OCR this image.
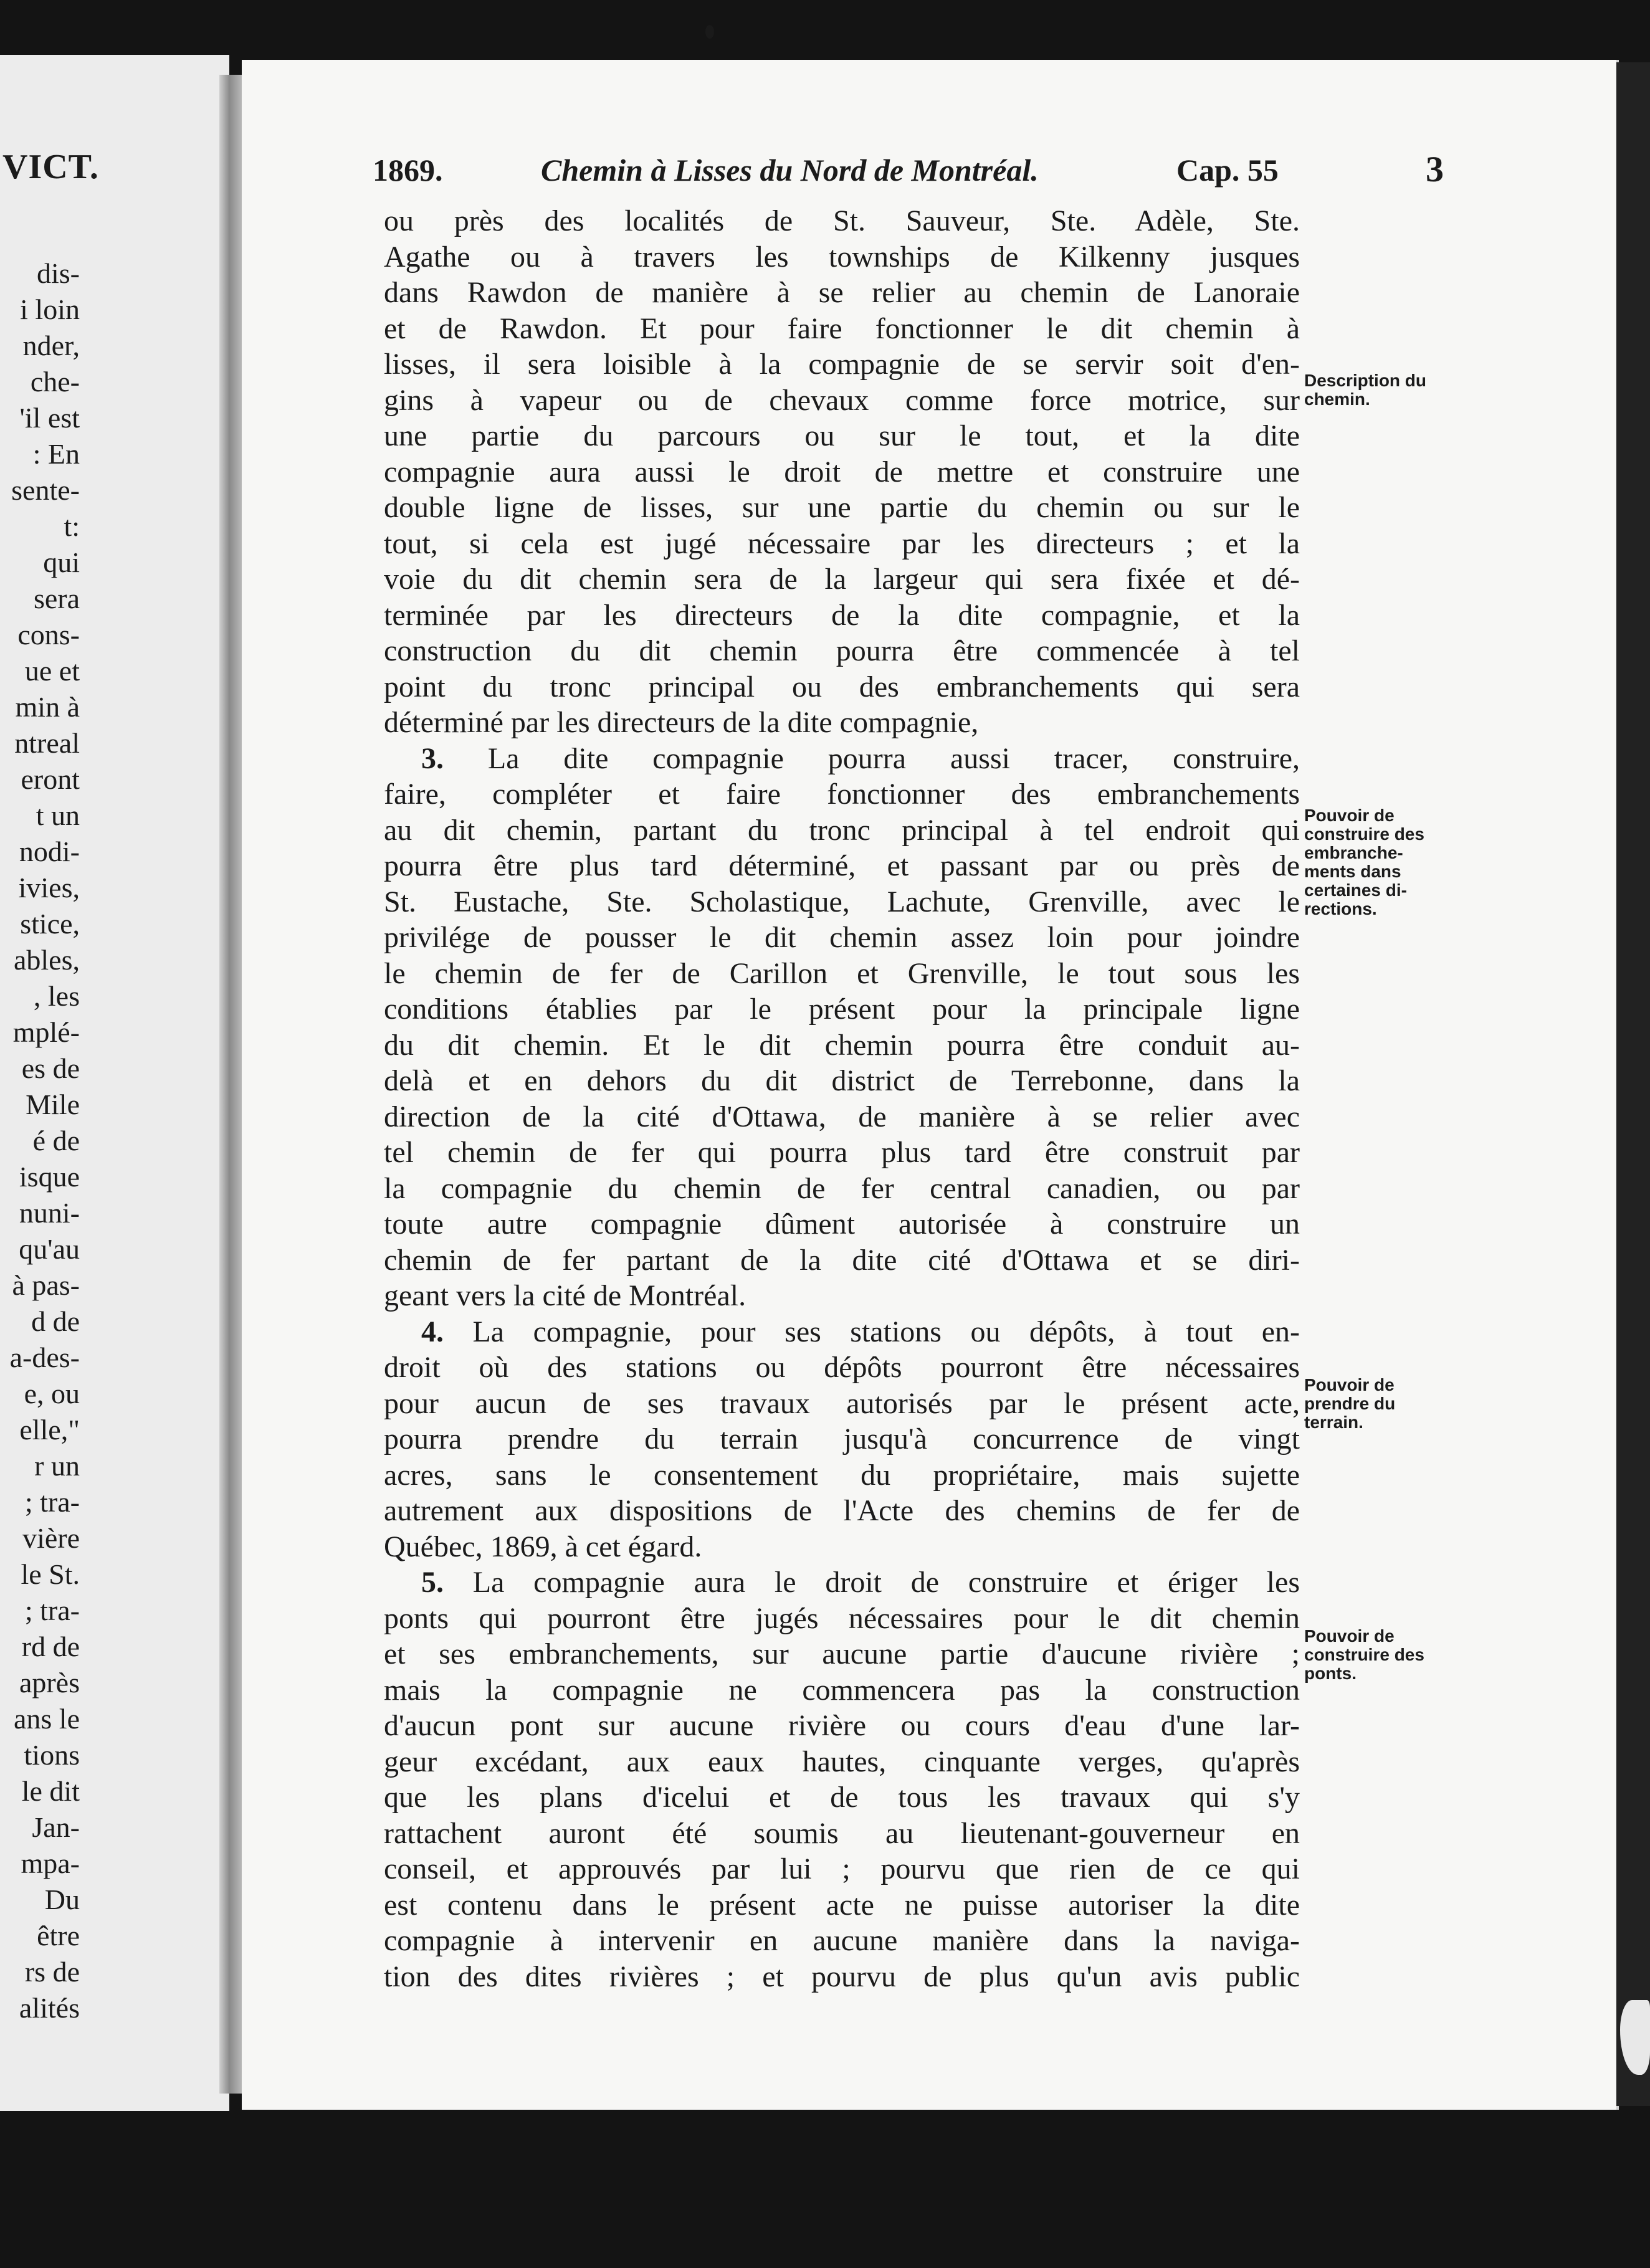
VICT.
dis-
i loin
nder,
che-
'il est
: En
sente-
t:
qui
sera
cons-
ue et
min à
ntreal
eront
t un
nodi-
ivies,
stice,
ables,
, les
mplé-
es de
Mile
é de
isque
nuni-
qu'au
à pas-
d de
a-des-
e, ou
elle,"
r un
; tra-
vière
le St.
; tra-
rd de
après
ans le
tions
le dit
Jan-
mpa-
Du
être
rs de
alités
1869.	Chemin à Lisses du Nord de Montréal.	Cap. 55	3
ou près des localités de St. Sauveur, Ste. Adèle, Ste.
Agathe ou à travers les townships de Kilkenny jusques
dans Rawdon de manière à se relier au chemin de Lanoraie
et de Rawdon. Et pour faire fonctionner le dit chemin à
lisses, il sera loisible à la compagnie de se servir soit d'en-
gins à vapeur ou de chevaux comme force motrice, sur
une partie du parcours ou sur le tout, et la dite
compagnie aura aussi le droit de mettre et construire une
double ligne de lisses, sur une partie du chemin ou sur le
tout, si cela est jugé nécessaire par les directeurs ; et la
voie du dit chemin sera de la largeur qui sera fixée et dé-
terminée par les directeurs de la dite compagnie, et la
construction du dit chemin pourra être commencée à tel
point du tronc principal ou des embranchements qui sera
déterminé par les directeurs de la dite compagnie,
3. La dite compagnie pourra aussi tracer, construire,
faire, compléter et faire fonctionner des embranchements
au dit chemin, partant du tronc principal à tel endroit qui
pourra être plus tard déterminé, et passant par ou près de
St. Eustache, Ste. Scholastique, Lachute, Grenville, avec le
privilége de pousser le dit chemin assez loin pour joindre
le chemin de fer de Carillon et Grenville, le tout sous les
conditions établies par le présent pour la principale ligne
du dit chemin. Et le dit chemin pourra être conduit au-
delà et en dehors du dit district de Terrebonne, dans la
direction de la cité d'Ottawa, de manière à se relier avec
tel chemin de fer qui pourra plus tard être construit par
la compagnie du chemin de fer central canadien, ou par
toute autre compagnie dûment autorisée à construire un
chemin de fer partant de la dite cité d'Ottawa et se diri-
geant vers la cité de Montréal.
4. La compagnie, pour ses stations ou dépôts, à tout en-
droit où des stations ou dépôts pourront être nécessaires
pour aucun de ses travaux autorisés par le présent acte,
pourra prendre du terrain jusqu'à concurrence de vingt
acres, sans le consentement du propriétaire, mais sujette
autrement aux dispositions de l'Acte des chemins de fer de
Québec, 1869, à cet égard.
5. La compagnie aura le droit de construire et ériger les
ponts qui pourront être jugés nécessaires pour le dit chemin
et ses embranchements, sur aucune partie d'aucune rivière ;
mais la compagnie ne commencera pas la construction
d'aucun pont sur aucune rivière ou cours d'eau d'une lar-
geur excédant, aux eaux hautes, cinquante verges, qu'après
que les plans d'icelui et de tous les travaux qui s'y
rattachent auront été soumis au lieutenant-gouverneur en
conseil, et approuvés par lui ; pourvu que rien de ce qui
est contenu dans le présent acte ne puisse autoriser la dite
compagnie à intervenir en aucune manière dans la naviga-
tion des dites rivières ; et pourvu de plus qu'un avis public
Description du
chemin.
Pouvoir de
construire des
embranche-
ments dans
certaines di-
rections.
Pouvoir de
prendre du
terrain.
Pouvoir de
construire des
ponts.
